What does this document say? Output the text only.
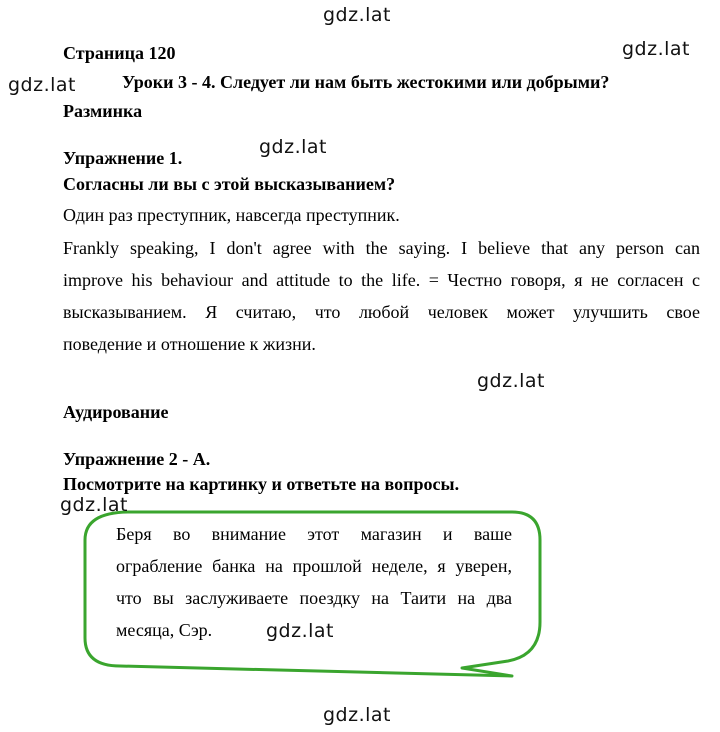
gdz.lat
gdz.lat
gdz.lat
gdz.lat
gdz.lat
gdz.lat
gdz.lat
gdz.lat
Страница 120
Уроки 3 - 4. Следует ли нам быть жестокими или добрыми?
Разминка
Упражнение 1.
Согласны ли вы с этой высказыванием?
Один раз преступник, навсегда преступник.
Frankly speaking, I don't agree with the saying. I believe that any person can
improve his behaviour and attitude to the life. = Честно говоря, я не согласен с
высказыванием. Я считаю, что любой человек может улучшить свое
поведение и отношение к жизни.
Аудирование
Упражнение 2 - А.
Посмотрите на картинку и ответьте на вопросы.
Беря во внимание этот магазин и ваше
ограбление банка на прошлой неделе, я уверен,
что вы заслуживаете поездку на Таити на два
месяца, Сэр.
